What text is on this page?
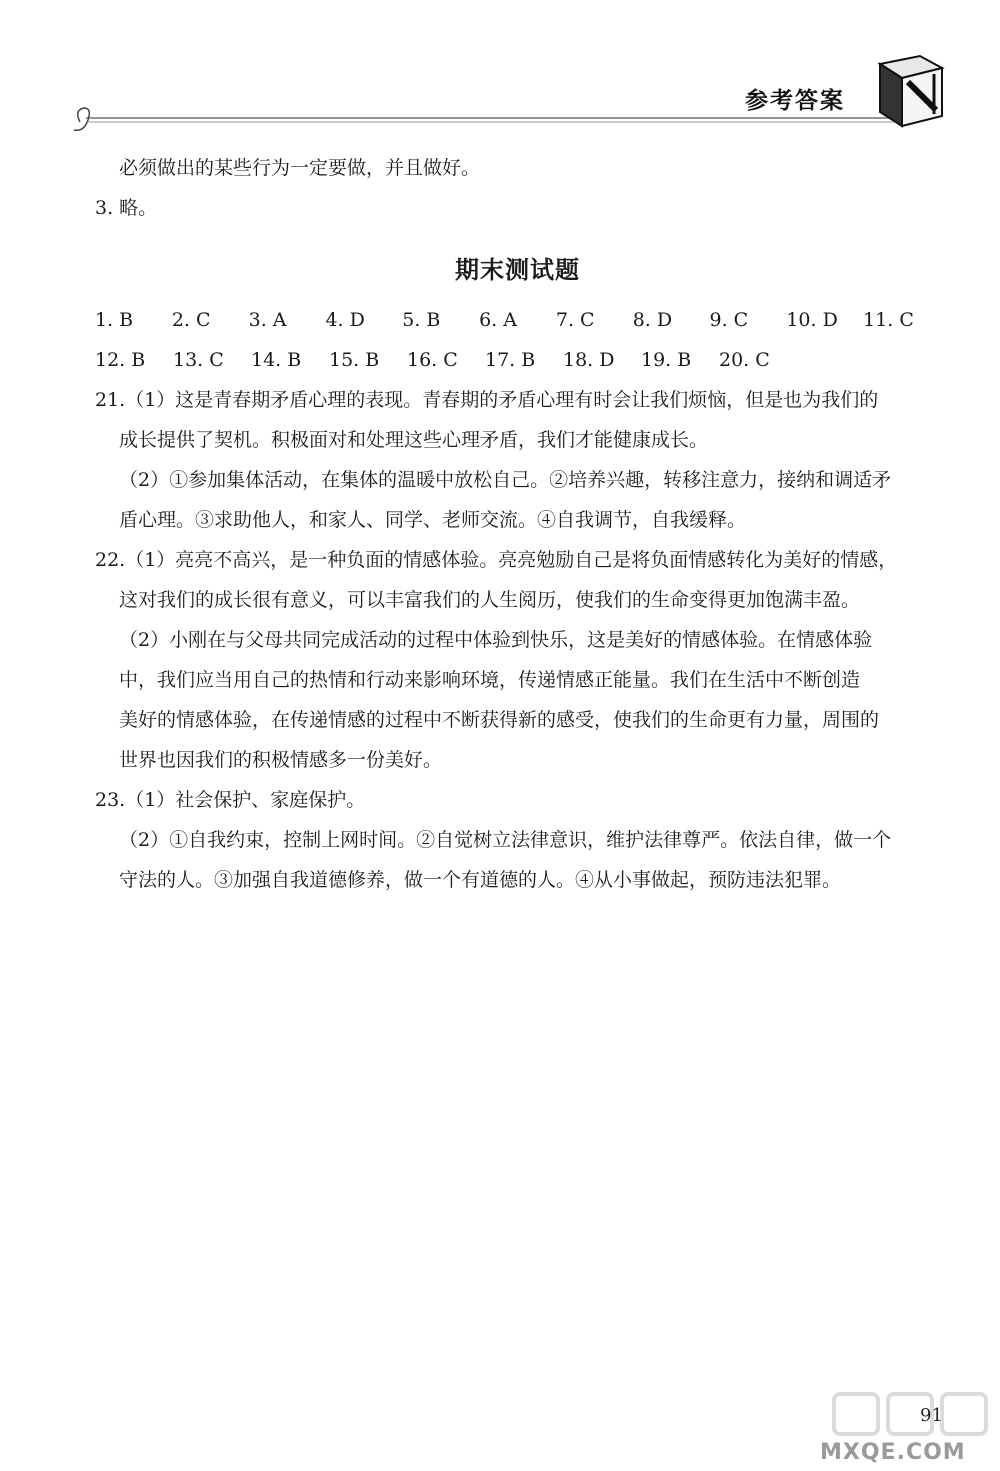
参考答案
必须做出的某些行为一定要做，并且做好。
3. 略。
期末测试题
1. B	2. C	3. A	4. D	5. B	6. A	7. C	8. D	9. C	10. D	11. C
12. B	13. C	14. B	15. B	16. C	17. B	18. D	19. B	20. C
21.（1）这是青春期矛盾心理的表现。青春期的矛盾心理有时会让我们烦恼，但是也为我们的
成长提供了契机。积极面对和处理这些心理矛盾，我们才能健康成长。
（2）①参加集体活动，在集体的温暖中放松自己。②培养兴趣，转移注意力，接纳和调适矛
盾心理。③求助他人，和家人、同学、老师交流。④自我调节，自我缓释。
22.（1）亮亮不高兴，是一种负面的情感体验。亮亮勉励自己是将负面情感转化为美好的情感，
这对我们的成长很有意义，可以丰富我们的人生阅历，使我们的生命变得更加饱满丰盈。
（2）小刚在与父母共同完成活动的过程中体验到快乐，这是美好的情感体验。在情感体验
中，我们应当用自己的热情和行动来影响环境，传递情感正能量。我们在生活中不断创造
美好的情感体验，在传递情感的过程中不断获得新的感受，使我们的生命更有力量，周围的
世界也因我们的积极情感多一份美好。
23.（1）社会保护、家庭保护。
（2）①自我约束，控制上网时间。②自觉树立法律意识，维护法律尊严。依法自律，做一个
守法的人。③加强自我道德修养，做一个有道德的人。④从小事做起，预防违法犯罪。
91
MXQE.COM
